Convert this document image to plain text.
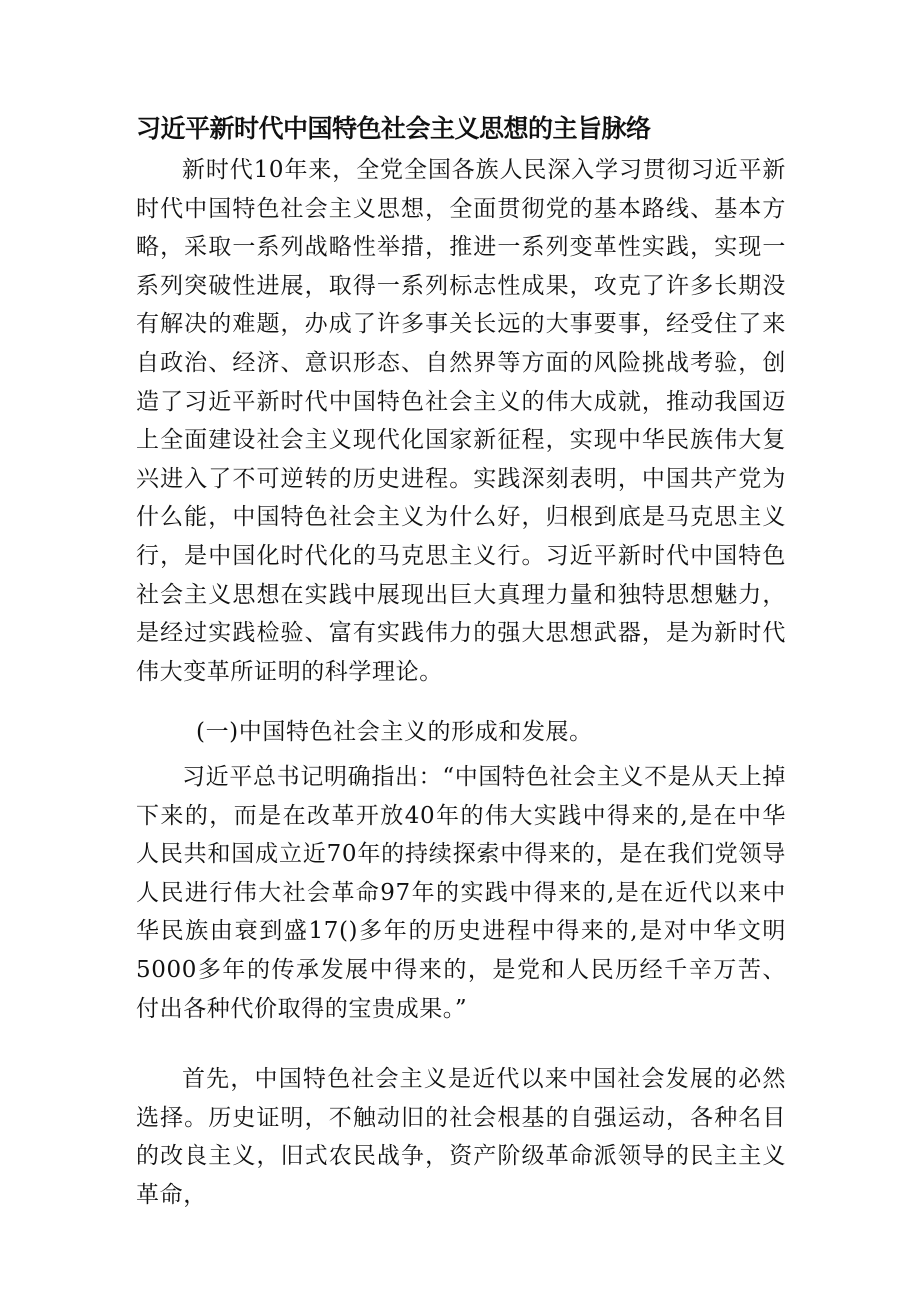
习近平新时代中国特色社会主义思想的主旨脉络

新时代10年来，全党全国各族人民深入学习贯彻习近平新时代中国特色社会主义思想，全面贯彻党的基本路线、基本方略，采取一系列战略性举措，推进一系列变革性实践，实现一系列突破性进展，取得一系列标志性成果，攻克了许多长期没有解决的难题，办成了许多事关长远的大事要事，经受住了来自政治、经济、意识形态、自然界等方面的风险挑战考验，创造了习近平新时代中国特色社会主义的伟大成就，推动我国迈上全面建设社会主义现代化国家新征程，实现中华民族伟大复兴进入了不可逆转的历史进程。实践深刻表明，中国共产党为什么能，中国特色社会主义为什么好，归根到底是马克思主义行，是中国化时代化的马克思主义行。习近平新时代中国特色社会主义思想在实践中展现出巨大真理力量和独特思想魅力，是经过实践检验、富有实践伟力的强大思想武器，是为新时代伟大变革所证明的科学理论。

(一)中国特色社会主义的形成和发展。

习近平总书记明确指出：“中国特色社会主义不是从天上掉下来的，而是在改革开放40年的伟大实践中得来的,是在中华人民共和国成立近70年的持续探索中得来的，是在我们党领导人民进行伟大社会革命97年的实践中得来的,是在近代以来中华民族由衰到盛17()多年的历史进程中得来的,是对中华文明5000多年的传承发展中得来的，是党和人民历经千辛万苦、付出各种代价取得的宝贵成果。”

首先，中国特色社会主义是近代以来中国社会发展的必然选择。历史证明，不触动旧的社会根基的自强运动，各种名目的改良主义，旧式农民战争，资产阶级革命派领导的民主主义革命，
